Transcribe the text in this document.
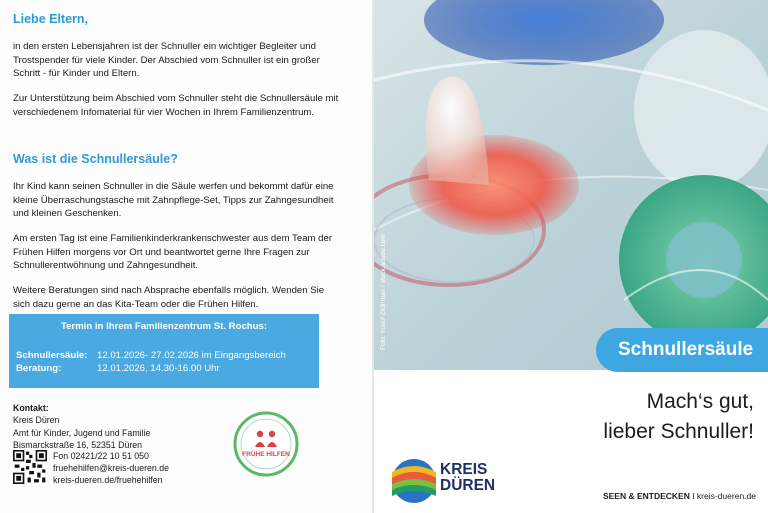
Liebe Eltern,

in den ersten Lebensjahren ist der Schnuller ein wichtiger Begleiter und Trostspender für viele Kinder. Der Abschied vom Schnuller ist ein großer Schritt - für Kinder und Eltern.

Zur Unterstützung beim Abschied vom Schnuller steht die Schnullersäule mit verschiedenem Infomaterial für vier Wochen in Ihrem Familienzentrum.

Was ist die Schnullersäule?

Ihr Kind kann seinen Schnuller in die Säule werfen und bekommt dafür eine kleine Überraschungstasche mit Zahnpflege-Set, Tipps zur Zahngesundheit und kleinen Geschenken.

Am ersten Tag ist eine Familienkinderkrankenschwester aus dem Team der Frühen Hilfen morgens vor Ort und beantwortet gerne Ihre Fragen zur Schnullerentwöhnung und Zahngesundheit.

Weitere Beratungen sind nach Absprache ebenfalls möglich. Wenden Sie sich dazu gerne an das Kita-Team oder die Frühen Hilfen.

Termin in Ihrem Familienzentrum St. Rochus:
Schnullersäule: 12.01.2026- 27.02.2026 im Eingangsbereich
Beratung:	12.01.2026, 14.30-16.00 Uhr
Kontakt:
Kreis Düren
Amt für Kinder, Jugend und Familie
Bismarckstraße 16, 52351 Düren
Fon 02421/22 10 51 050
fruehehilfen@kreis-dueren.de
kreis-dueren.de/fruehehilfen
FRÜHE HILFEN
Foto: Yusuf Zildirman / stock.adobe.com	Schnullersäule
Mach‘s gut,
lieber Schnuller!
KREIS
DÜREN
SEEN & ENTDECKEN I kreis-dueren.de
